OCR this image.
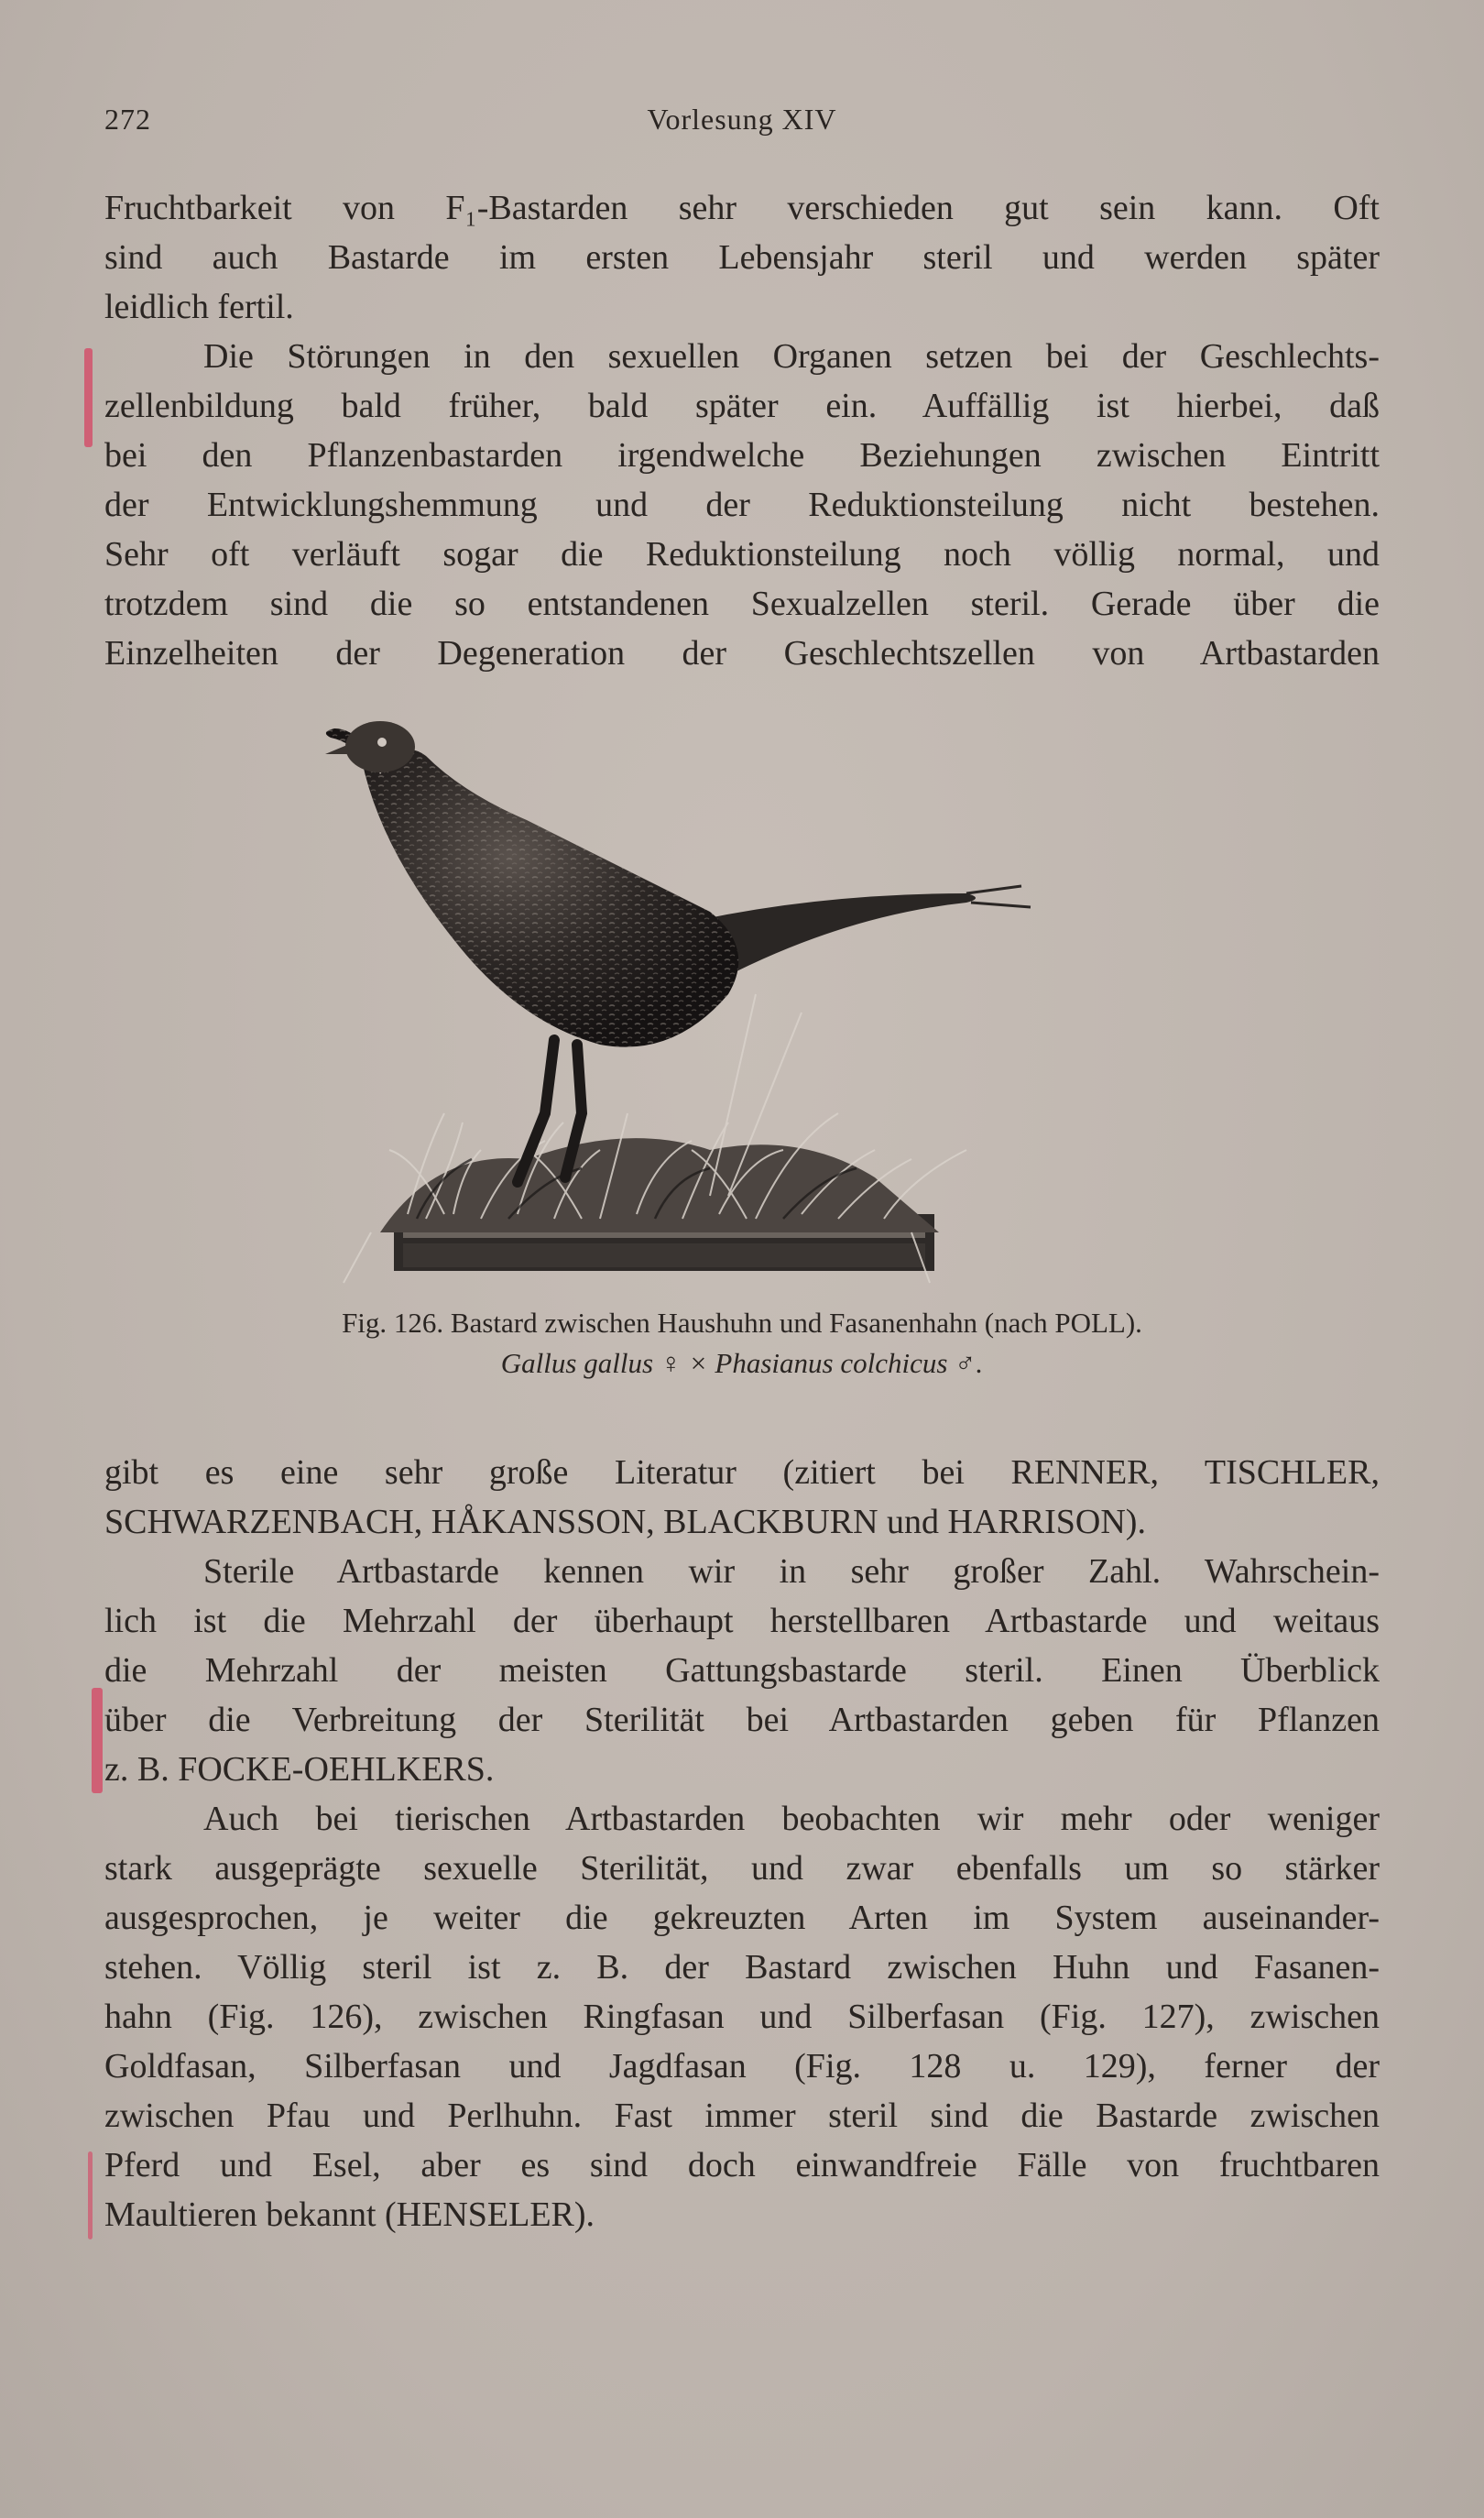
272	Vorlesung XIV
Fruchtbarkeit von F₁-Bastarden sehr verschieden gut sein kann. Oft
sind auch Bastarde im ersten Lebensjahr steril und werden später
leidlich fertil.
Die Störungen in den sexuellen Organen setzen bei der Geschlechts-
zellenbildung bald früher, bald später ein. Auffällig ist hierbei, daß
bei den Pflanzenbastarden irgendwelche Beziehungen zwischen Eintritt
der Entwicklungshemmung und der Reduktionsteilung nicht bestehen.
Sehr oft verläuft sogar die Reduktionsteilung noch völlig normal, und
trotzdem sind die so entstandenen Sexualzellen steril. Gerade über die
Einzelheiten der Degeneration der Geschlechtszellen von Artbastarden
Fig. 126. Bastard zwischen Haushuhn und Fasanenhahn (nach POLL).
Gallus gallus ♀ × Phasianus colchicus ♂.
gibt es eine sehr große Literatur (zitiert bei RENNER, TISCHLER,
SCHWARZENBACH, HÅKANSSON, BLACKBURN und HARRISON).
Sterile Artbastarde kennen wir in sehr großer Zahl. Wahrschein-
lich ist die Mehrzahl der überhaupt herstellbaren Artbastarde und weitaus
die Mehrzahl der meisten Gattungsbastarde steril. Einen Überblick
über die Verbreitung der Sterilität bei Artbastarden geben für Pflanzen
z. B. FOCKE-OEHLKERS.
Auch bei tierischen Artbastarden beobachten wir mehr oder weniger
stark ausgeprägte sexuelle Sterilität, und zwar ebenfalls um so stärker
ausgesprochen, je weiter die gekreuzten Arten im System auseinander-
stehen. Völlig steril ist z. B. der Bastard zwischen Huhn und Fasanen-
hahn (Fig. 126), zwischen Ringfasan und Silberfasan (Fig. 127), zwischen
Goldfasan, Silberfasan und Jagdfasan (Fig. 128 u. 129), ferner der
zwischen Pfau und Perlhuhn. Fast immer steril sind die Bastarde zwischen
Pferd und Esel, aber es sind doch einwandfreie Fälle von fruchtbaren
Maultieren bekannt (HENSELER).
